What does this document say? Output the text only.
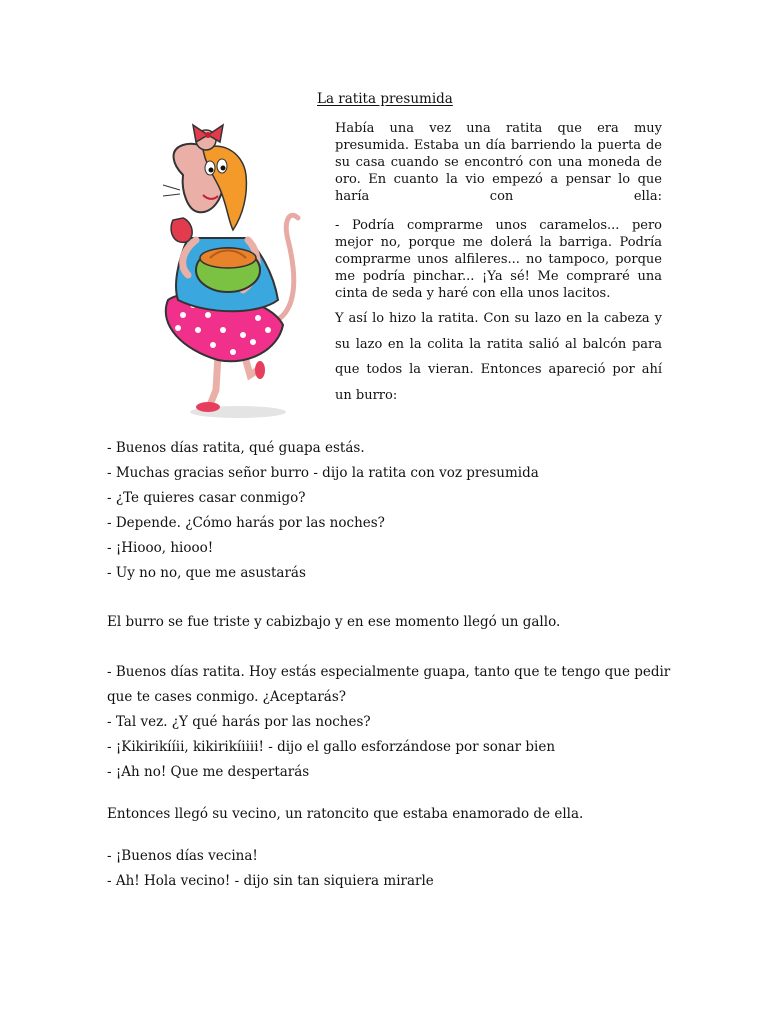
La ratita presumida

Había una vez una ratita que era muy presumida. Estaba un día barriendo la puerta de su casa cuando se encontró con una moneda de oro. En cuanto la vio empezó a pensar lo que haría con ella:

- Podría comprarme unos caramelos... pero mejor no, porque me dolerá la barriga. Podría comprarme unos alfileres... no tampoco, porque me podría pinchar... ¡Ya sé! Me compraré una cinta de seda y haré con ella unos lacitos.

Y así lo hizo la ratita. Con su lazo en la cabeza y su lazo en la colita la ratita salió al balcón para que todos la vieran. Entonces apareció por ahí un burro:

- Buenos días ratita, qué guapa estás.
- Muchas gracias señor burro - dijo la ratita con voz presumida
- ¿Te quieres casar conmigo?
- Depende. ¿Cómo harás por las noches?
- ¡Hiooo, hiooo!
- Uy no no, que me asustarás
El burro se fue triste y cabizbajo y en ese momento llegó un gallo.
- Buenos días ratita. Hoy estás especialmente guapa, tanto que te tengo que pedir
que te cases conmigo. ¿Aceptarás?
- Tal vez. ¿Y qué harás por las noches?
- ¡Kikirikííii, kikirikíiiii! - dijo el gallo esforzándose por sonar bien
- ¡Ah no! Que me despertarás
Entonces llegó su vecino, un ratoncito que estaba enamorado de ella.
- ¡Buenos días vecina!
- Ah! Hola vecino! - dijo sin tan siquiera mirarle
